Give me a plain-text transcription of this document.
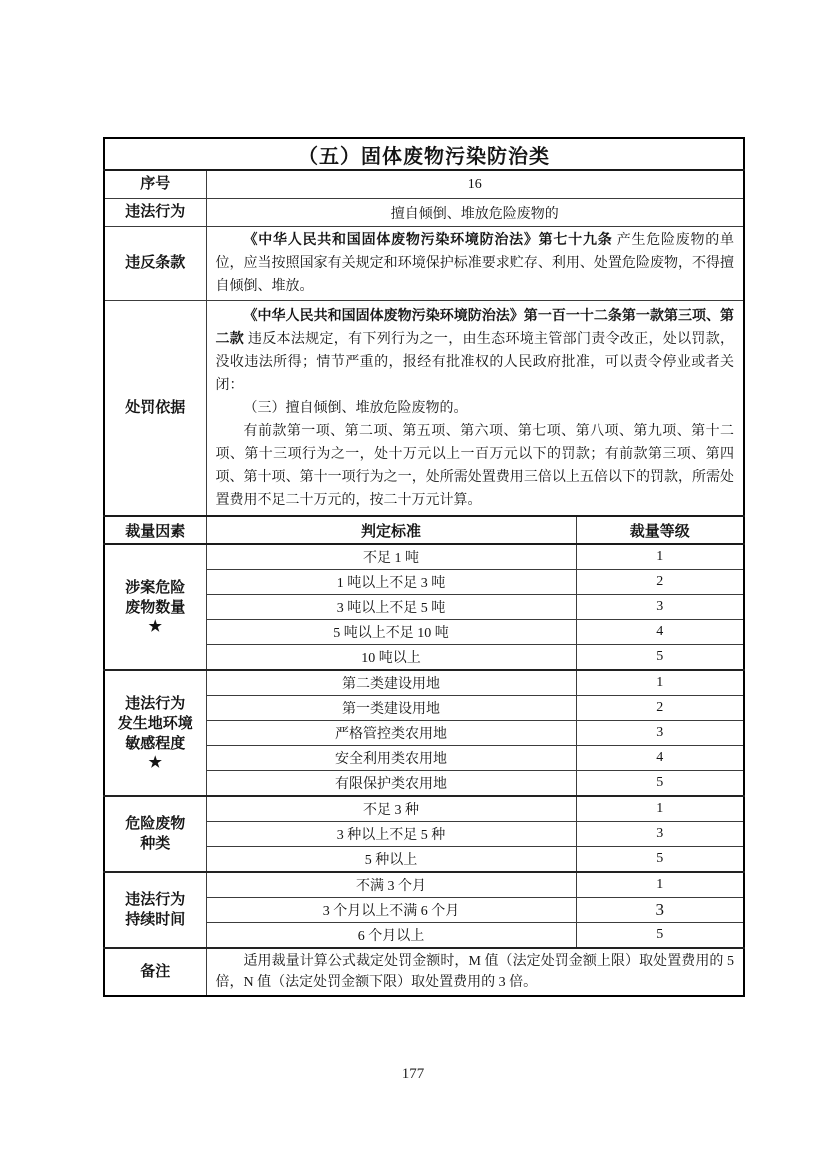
（五）固体废物污染防治类		
序号	16	
违法行为	擅自倾倒、堆放危险废物的	
违反条款	《中华人民共和国固体废物污染环境防治法》第七十九条 产生危险废物的单位，应当按照国家有关规定和环境保护标准要求贮存、利用、处置危险废物，不得擅自倾倒、堆放。	

处罚依据	《中华人民共和国固体废物污染环境防治法》第一百一十二条第一款第三项、第二款 违反本法规定，有下列行为之一，由生态环境主管部门责令改正，处以罚款，没收违法所得；情节严重的，报经有批准权的人民政府批准，可以责令停业或者关闭：

（三）擅自倾倒、堆放危险废物的。

有前款第一项、第二项、第五项、第六项、第七项、第八项、第九项、第十二项、第十三项行为之一，处十万元以上一百万元以下的罚款；有前款第三项、第四项、第十项、第十一项行为之一，处所需处置费用三倍以上五倍以下的罚款，所需处置费用不足二十万元的，按二十万元计算。	

裁量因素	判定标准	裁量等级

涉案危险
废物数量
★	不足 1 吨	1
	1 吨以上不足 3 吨	2
	3 吨以上不足 5 吨	3
	5 吨以上不足 10 吨	4
	10 吨以上	5

违法行为
发生地环境
敏感程度
★	第二类建设用地	1
	第一类建设用地	2
	严格管控类农用地	3
	安全利用类农用地	4
	有限保护类农用地	5

危险废物
种类	不足 3 种	1
	3 种以上不足 5 种	3
	5 种以上	5

违法行为
持续时间	不满 3 个月	1
	3 个月以上不满 6 个月	3
	6 个月以上	5
备注	适用裁量计算公式裁定处罚金额时，M 值（法定处罚金额上限）取处置费用的 5 倍，N 值（法定处罚金额下限）取处置费用的 3 倍。	

177
